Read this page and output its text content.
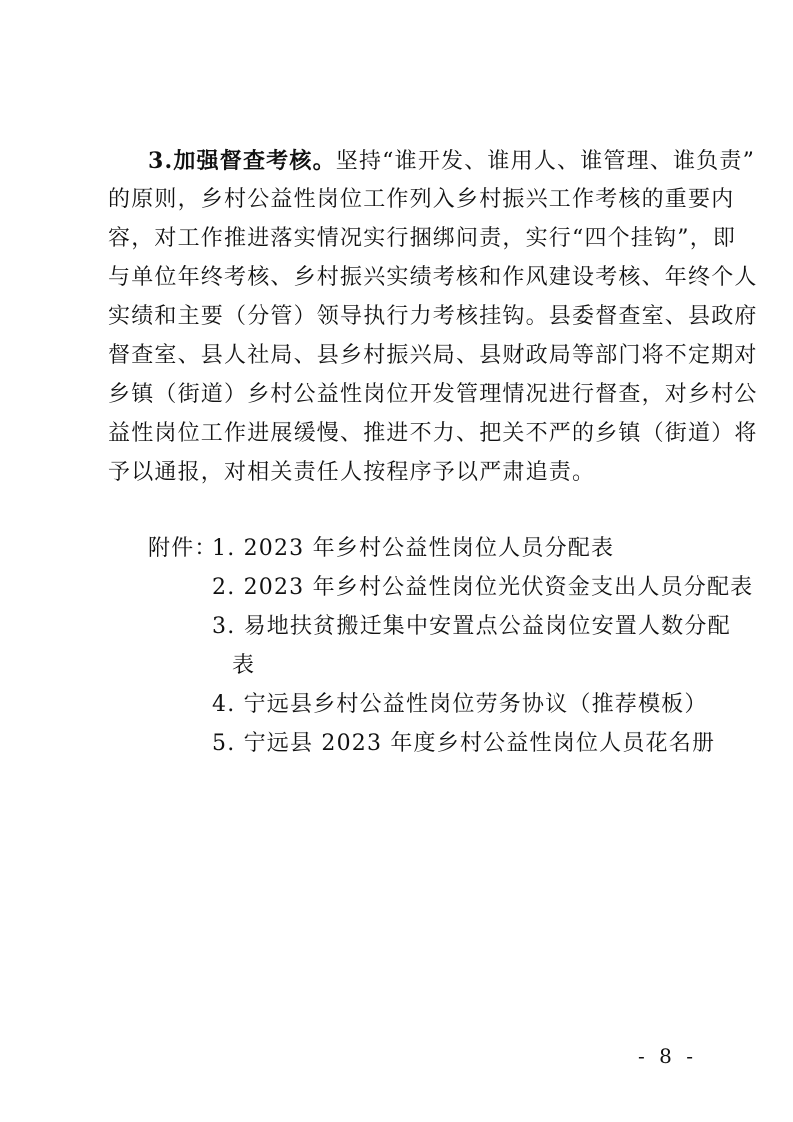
3.加强督查考核。坚持“谁开发、谁用人、谁管理、谁负责”
的原则，乡村公益性岗位工作列入乡村振兴工作考核的重要内
容，对工作推进落实情况实行捆绑问责，实行“四个挂钩”，即
与单位年终考核、乡村振兴实绩考核和作风建设考核、年终个人
实绩和主要（分管）领导执行力考核挂钩。县委督查室、县政府
督查室、县人社局、县乡村振兴局、县财政局等部门将不定期对
乡镇（街道）乡村公益性岗位开发管理情况进行督查，对乡村公
益性岗位工作进展缓慢、推进不力、把关不严的乡镇（街道）将
予以通报，对相关责任人按程序予以严肃追责。
附件：
1. 2023 年乡村公益性岗位人员分配表
2. 2023 年乡村公益性岗位光伏资金支出人员分配表
3. 易地扶贫搬迁集中安置点公益岗位安置人数分配
表
4. 宁远县乡村公益性岗位劳务协议（推荐模板）
5. 宁远县 2023 年度乡村公益性岗位人员花名册
- 8 -
